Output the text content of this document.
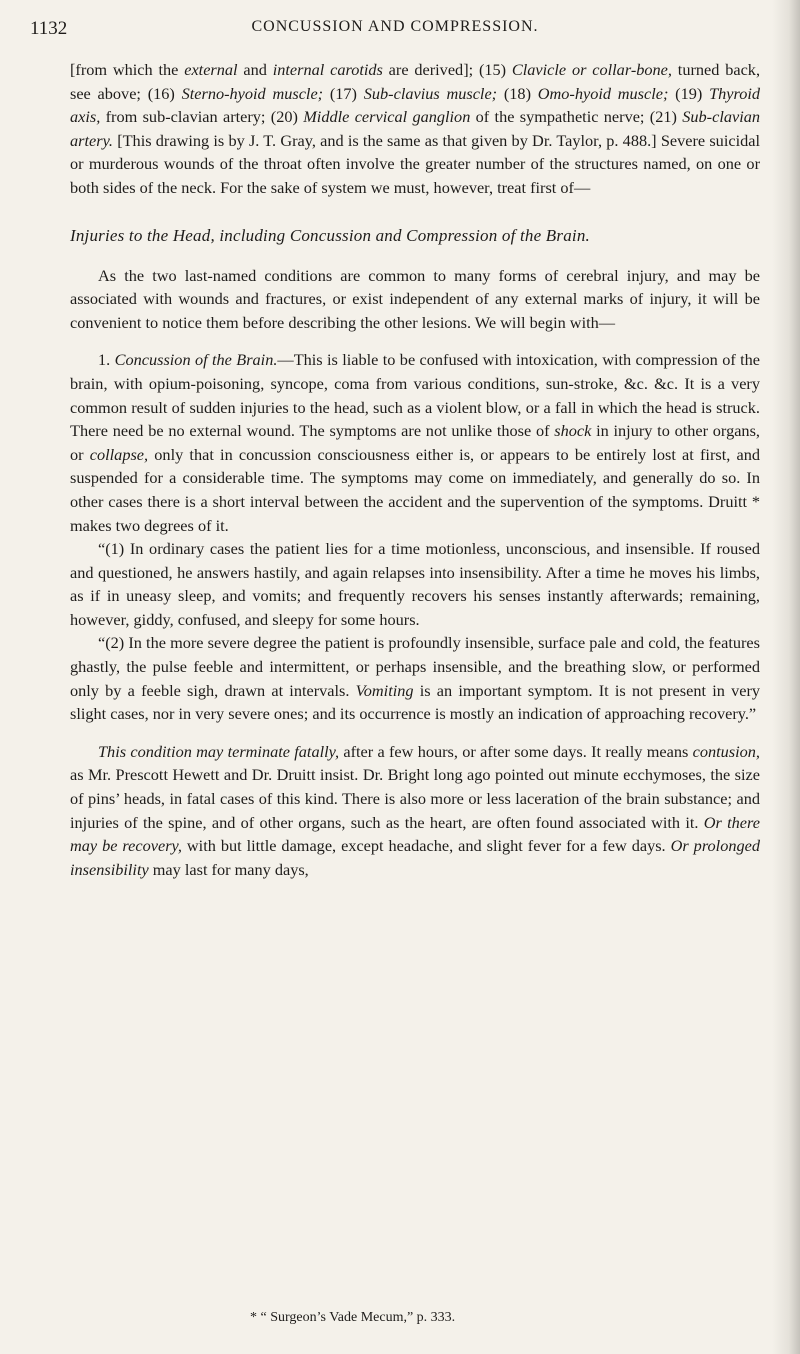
1132	CONCUSSION AND COMPRESSION.

[from which the external and internal carotids are derived]; (15) Clavicle or collar-bone, turned back, see above; (16) Sterno-hyoid muscle; (17) Sub-clavius muscle; (18) Omo-hyoid muscle; (19) Thyroid axis, from sub-clavian artery; (20) Middle cervical ganglion of the sympathetic nerve; (21) Sub-clavian artery. [This drawing is by J. T. Gray, and is the same as that given by Dr. Taylor, p. 488.] Severe suicidal or murderous wounds of the throat often involve the greater number of the structures named, on one or both sides of the neck. For the sake of system we must, however, treat first of—

Injuries to the Head, including Concussion and Compression of the Brain.

As the two last-named conditions are common to many forms of cerebral injury, and may be associated with wounds and fractures, or exist independent of any external marks of injury, it will be convenient to notice them before describing the other lesions. We will begin with—

1. Concussion of the Brain.—This is liable to be confused with intoxication, with compression of the brain, with opium-poisoning, syncope, coma from various conditions, sun-stroke, &c. &c. It is a very common result of sudden injuries to the head, such as a violent blow, or a fall in which the head is struck. There need be no external wound. The symptoms are not unlike those of shock in injury to other organs, or collapse, only that in concussion consciousness either is, or appears to be entirely lost at first, and suspended for a considerable time. The symptoms may come on immediately, and generally do so. In other cases there is a short interval between the accident and the supervention of the symptoms. Druitt * makes two degrees of it.

“(1) In ordinary cases the patient lies for a time motionless, unconscious, and insensible. If roused and questioned, he answers hastily, and again relapses into insensibility. After a time he moves his limbs, as if in uneasy sleep, and vomits; and frequently recovers his senses instantly afterwards; remaining, however, giddy, confused, and sleepy for some hours.

“(2) In the more severe degree the patient is profoundly insensible, surface pale and cold, the features ghastly, the pulse feeble and intermittent, or perhaps insensible, and the breathing slow, or performed only by a feeble sigh, drawn at intervals. Vomiting is an important symptom. It is not present in very slight cases, nor in very severe ones; and its occurrence is mostly an indication of approaching recovery.”

This condition may terminate fatally, after a few hours, or after some days. It really means contusion, as Mr. Prescott Hewett and Dr. Druitt insist. Dr. Bright long ago pointed out minute ecchymoses, the size of pins’ heads, in fatal cases of this kind. There is also more or less laceration of the brain substance; and injuries of the spine, and of other organs, such as the heart, are often found associated with it. Or there may be recovery, with but little damage, except headache, and slight fever for a few days. Or prolonged insensibility may last for many days,

* “ Surgeon’s Vade Mecum,” p. 333.
